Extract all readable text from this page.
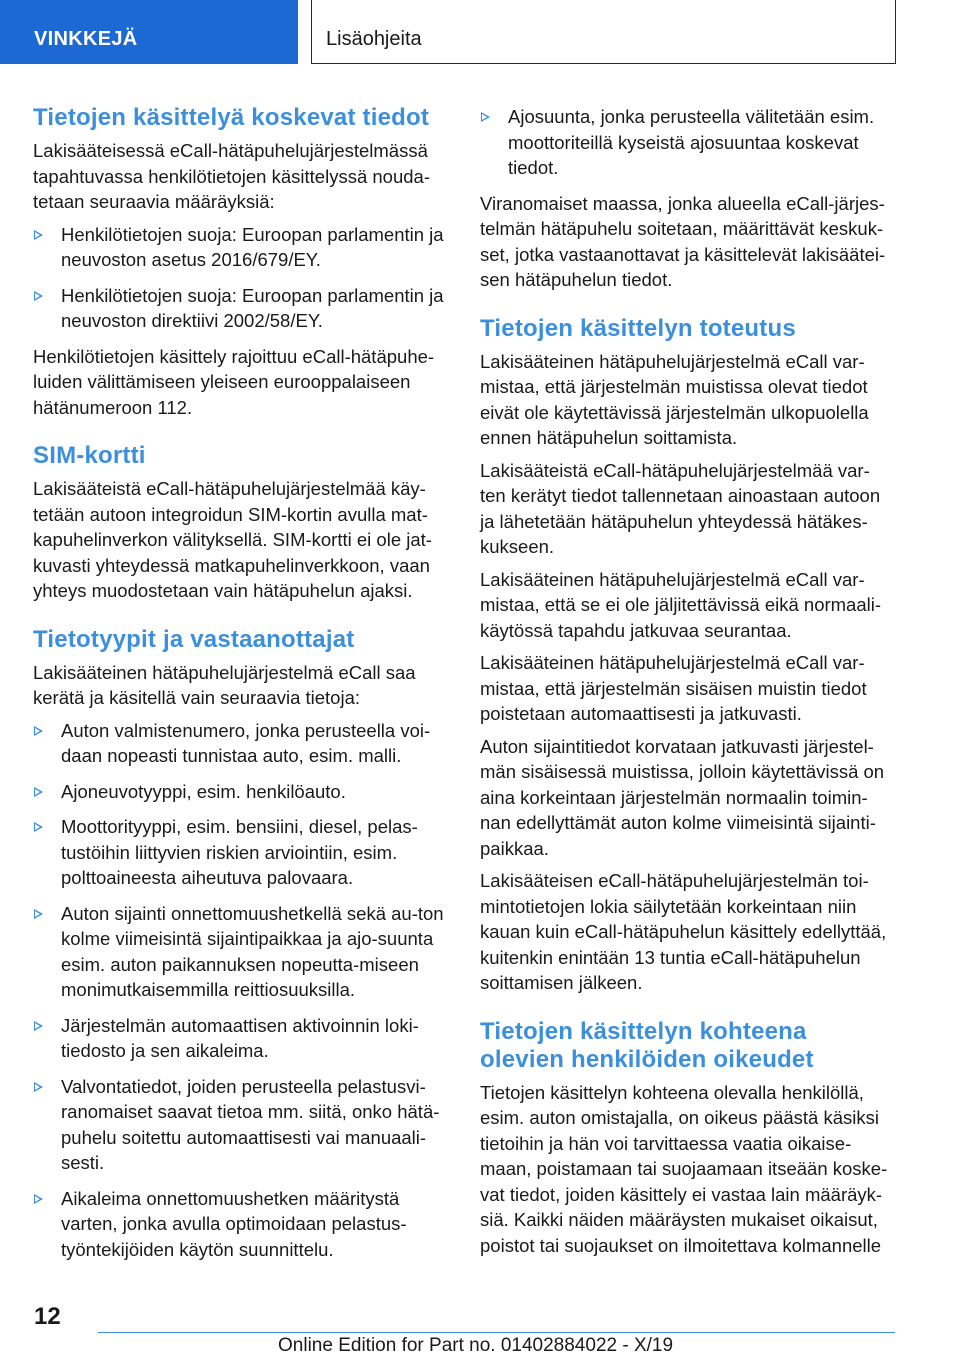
VINKKEJÄ	Lisäohjeita
Tietojen käsittelyä koskevat tiedot

Lakisääteisessä eCall-hätäpuhelujärjestelmässä tapahtuvassa henkilötietojen käsittelyssä nouda-tetaan seuraavia määräyksiä:

Henkilötietojen suoja: Euroopan parlamentin ja neuvoston asetus 2016/679/EY.
Henkilötietojen suoja: Euroopan parlamentin ja neuvoston direktiivi 2002/58/EY.

Henkilötietojen käsittely rajoittuu eCall-hätäpuhe-luiden välittämiseen yleiseen eurooppalaiseen hätänumeroon 112.

SIM-kortti

Lakisääteistä eCall-hätäpuhelujärjestelmää käy-tetään autoon integroidun SIM-kortin avulla mat-kapuhelinverkon välityksellä. SIM-kortti ei ole jat-kuvasti yhteydessä matkapuhelinverkkoon, vaan yhteys muodostetaan vain hätäpuhelun ajaksi.

Tietotyypit ja vastaanottajat

Lakisääteinen hätäpuhelujärjestelmä eCall saa kerätä ja käsitellä vain seuraavia tietoja:

Auton valmistenumero, jonka perusteella voi-daan nopeasti tunnistaa auto, esim. malli.
Ajoneuvotyyppi, esim. henkilöauto.
Moottorityyppi, esim. bensiini, diesel, pelas-tustöihin liittyvien riskien arviointiin, esim. polttoaineesta aiheutuva palovaara.
Auton sijainti onnettomuushetkellä sekä au-ton kolme viimeisintä sijaintipaikkaa ja ajo-suunta esim. auton paikannuksen nopeutta-miseen monimutkaisemmilla reittiosuuksilla.
Järjestelmän automaattisen aktivoinnin loki-tiedosto ja sen aikaleima.
Valvontatiedot, joiden perusteella pelastusvi-ranomaiset saavat tietoa mm. siitä, onko hätä-puhelu soitettu automaattisesti vai manuaali-sesti.
Aikaleima onnettomuushetken määritystä varten, jonka avulla optimoidaan pelastus-työntekijöiden käytön suunnittelu.
Ajosuunta, jonka perusteella välitetään esim. moottoriteillä kyseistä ajosuuntaa koskevat tiedot.

Viranomaiset maassa, jonka alueella eCall-järjes-telmän hätäpuhelu soitetaan, määrittävät keskuk-set, jotka vastaanottavat ja käsittelevät lakisäätei-sen hätäpuhelun tiedot.

Tietojen käsittelyn toteutus

Lakisääteinen hätäpuhelujärjestelmä eCall var-mistaa, että järjestelmän muistissa olevat tiedot eivät ole käytettävissä järjestelmän ulkopuolella ennen hätäpuhelun soittamista.

Lakisääteistä eCall-hätäpuhelujärjestelmää var-ten kerätyt tiedot tallennetaan ainoastaan autoon ja lähetetään hätäpuhelun yhteydessä hätäkes-kukseen.

Lakisääteinen hätäpuhelujärjestelmä eCall var-mistaa, että se ei ole jäljitettävissä eikä normaali-käytössä tapahdu jatkuvaa seurantaa.

Lakisääteinen hätäpuhelujärjestelmä eCall var-mistaa, että järjestelmän sisäisen muistin tiedot poistetaan automaattisesti ja jatkuvasti.

Auton sijaintitiedot korvataan jatkuvasti järjestel-män sisäisessä muistissa, jolloin käytettävissä on aina korkeintaan järjestelmän normaalin toimin-nan edellyttämät auton kolme viimeisintä sijainti-paikkaa.

Lakisääteisen eCall-hätäpuhelujärjestelmän toi-mintotietojen lokia säilytetään korkeintaan niin kauan kuin eCall-hätäpuhelun käsittely edellyttää, kuitenkin enintään 13 tuntia eCall-hätäpuhelun soittamisen jälkeen.

Tietojen käsittelyn kohteena olevien henkilöiden oikeudet

Tietojen käsittelyn kohteena olevalla henkilöllä, esim. auton omistajalla, on oikeus päästä käsiksi tietoihin ja hän voi tarvittaessa vaatia oikaise-maan, poistamaan tai suojaamaan itseään koske-vat tiedot, joiden käsittely ei vastaa lain määräyk-siä. Kaikki näiden määräysten mukaiset oikaisut, poistot tai suojaukset on ilmoitettava kolmannelle

12
Online Edition for Part no. 01402884022 - X/19
